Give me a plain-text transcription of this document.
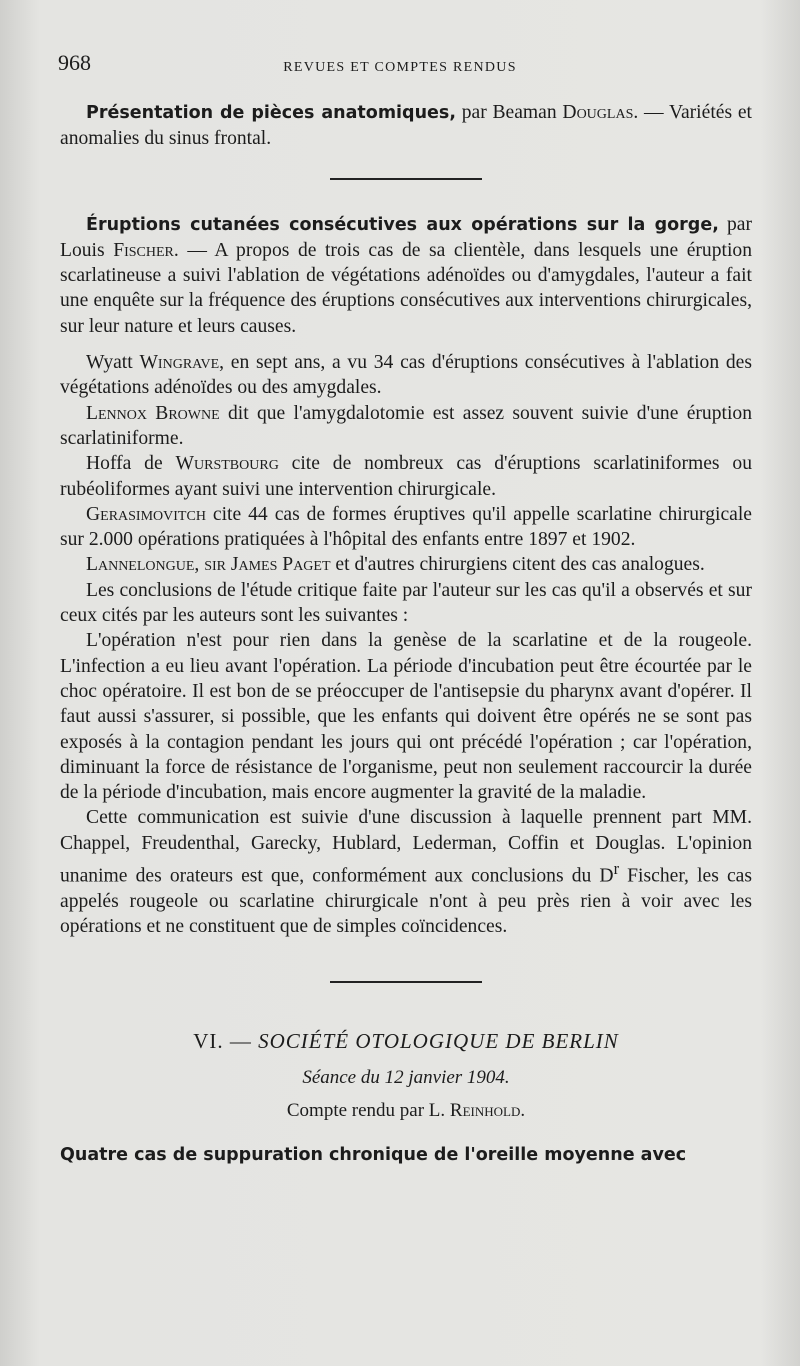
968	REVUES ET COMPTES RENDUS

Présentation de pièces anatomiques, par Beaman Douglas. — Variétés et anomalies du sinus frontal.

Éruptions cutanées consécutives aux opérations sur la gorge, par Louis Fischer. — A propos de trois cas de sa clientèle, dans lesquels une éruption scarlatineuse a suivi l'ablation de végétations adénoïdes ou d'amygdales, l'auteur a fait une enquête sur la fréquence des éruptions consécutives aux interventions chirurgicales, sur leur nature et leurs causes.

Wyatt Wingrave, en sept ans, a vu 34 cas d'éruptions consécutives à l'ablation des végétations adénoïdes ou des amygdales.

Lennox Browne dit que l'amygdalotomie est assez souvent suivie d'une éruption scarlatiniforme.

Hoffa de Wurstbourg cite de nombreux cas d'éruptions scarlatiniformes ou rubéoliformes ayant suivi une intervention chirurgicale.

Gerasimovitch cite 44 cas de formes éruptives qu'il appelle scarlatine chirurgicale sur 2.000 opérations pratiquées à l'hôpital des enfants entre 1897 et 1902.

Lannelongue, sir James Paget et d'autres chirurgiens citent des cas analogues.

Les conclusions de l'étude critique faite par l'auteur sur les cas qu'il a observés et sur ceux cités par les auteurs sont les suivantes :

L'opération n'est pour rien dans la genèse de la scarlatine et de la rougeole. L'infection a eu lieu avant l'opération. La période d'incubation peut être écourtée par le choc opératoire. Il est bon de se préoccuper de l'antisepsie du pharynx avant d'opérer. Il faut aussi s'assurer, si possible, que les enfants qui doivent être opérés ne se sont pas exposés à la contagion pendant les jours qui ont précédé l'opération ; car l'opération, diminuant la force de résistance de l'organisme, peut non seulement raccourcir la durée de la période d'incubation, mais encore augmenter la gravité de la maladie.

Cette communication est suivie d'une discussion à laquelle prennent part MM. Chappel, Freudenthal, Garecky, Hublard, Lederman, Coffin et Douglas. L'opinion unanime des orateurs est que, conformément aux conclusions du $D^r$ Fischer, les cas appelés rougeole ou scarlatine chirurgicale n'ont à peu près rien à voir avec les opérations et ne constituent que de simples coïncidences.

VI. — SOCIÉTÉ OTOLOGIQUE DE BERLIN
Séance du 12 janvier 1904.
Compte rendu par L. Reinhold.

Quatre cas de suppuration chronique de l'oreille moyenne avec
